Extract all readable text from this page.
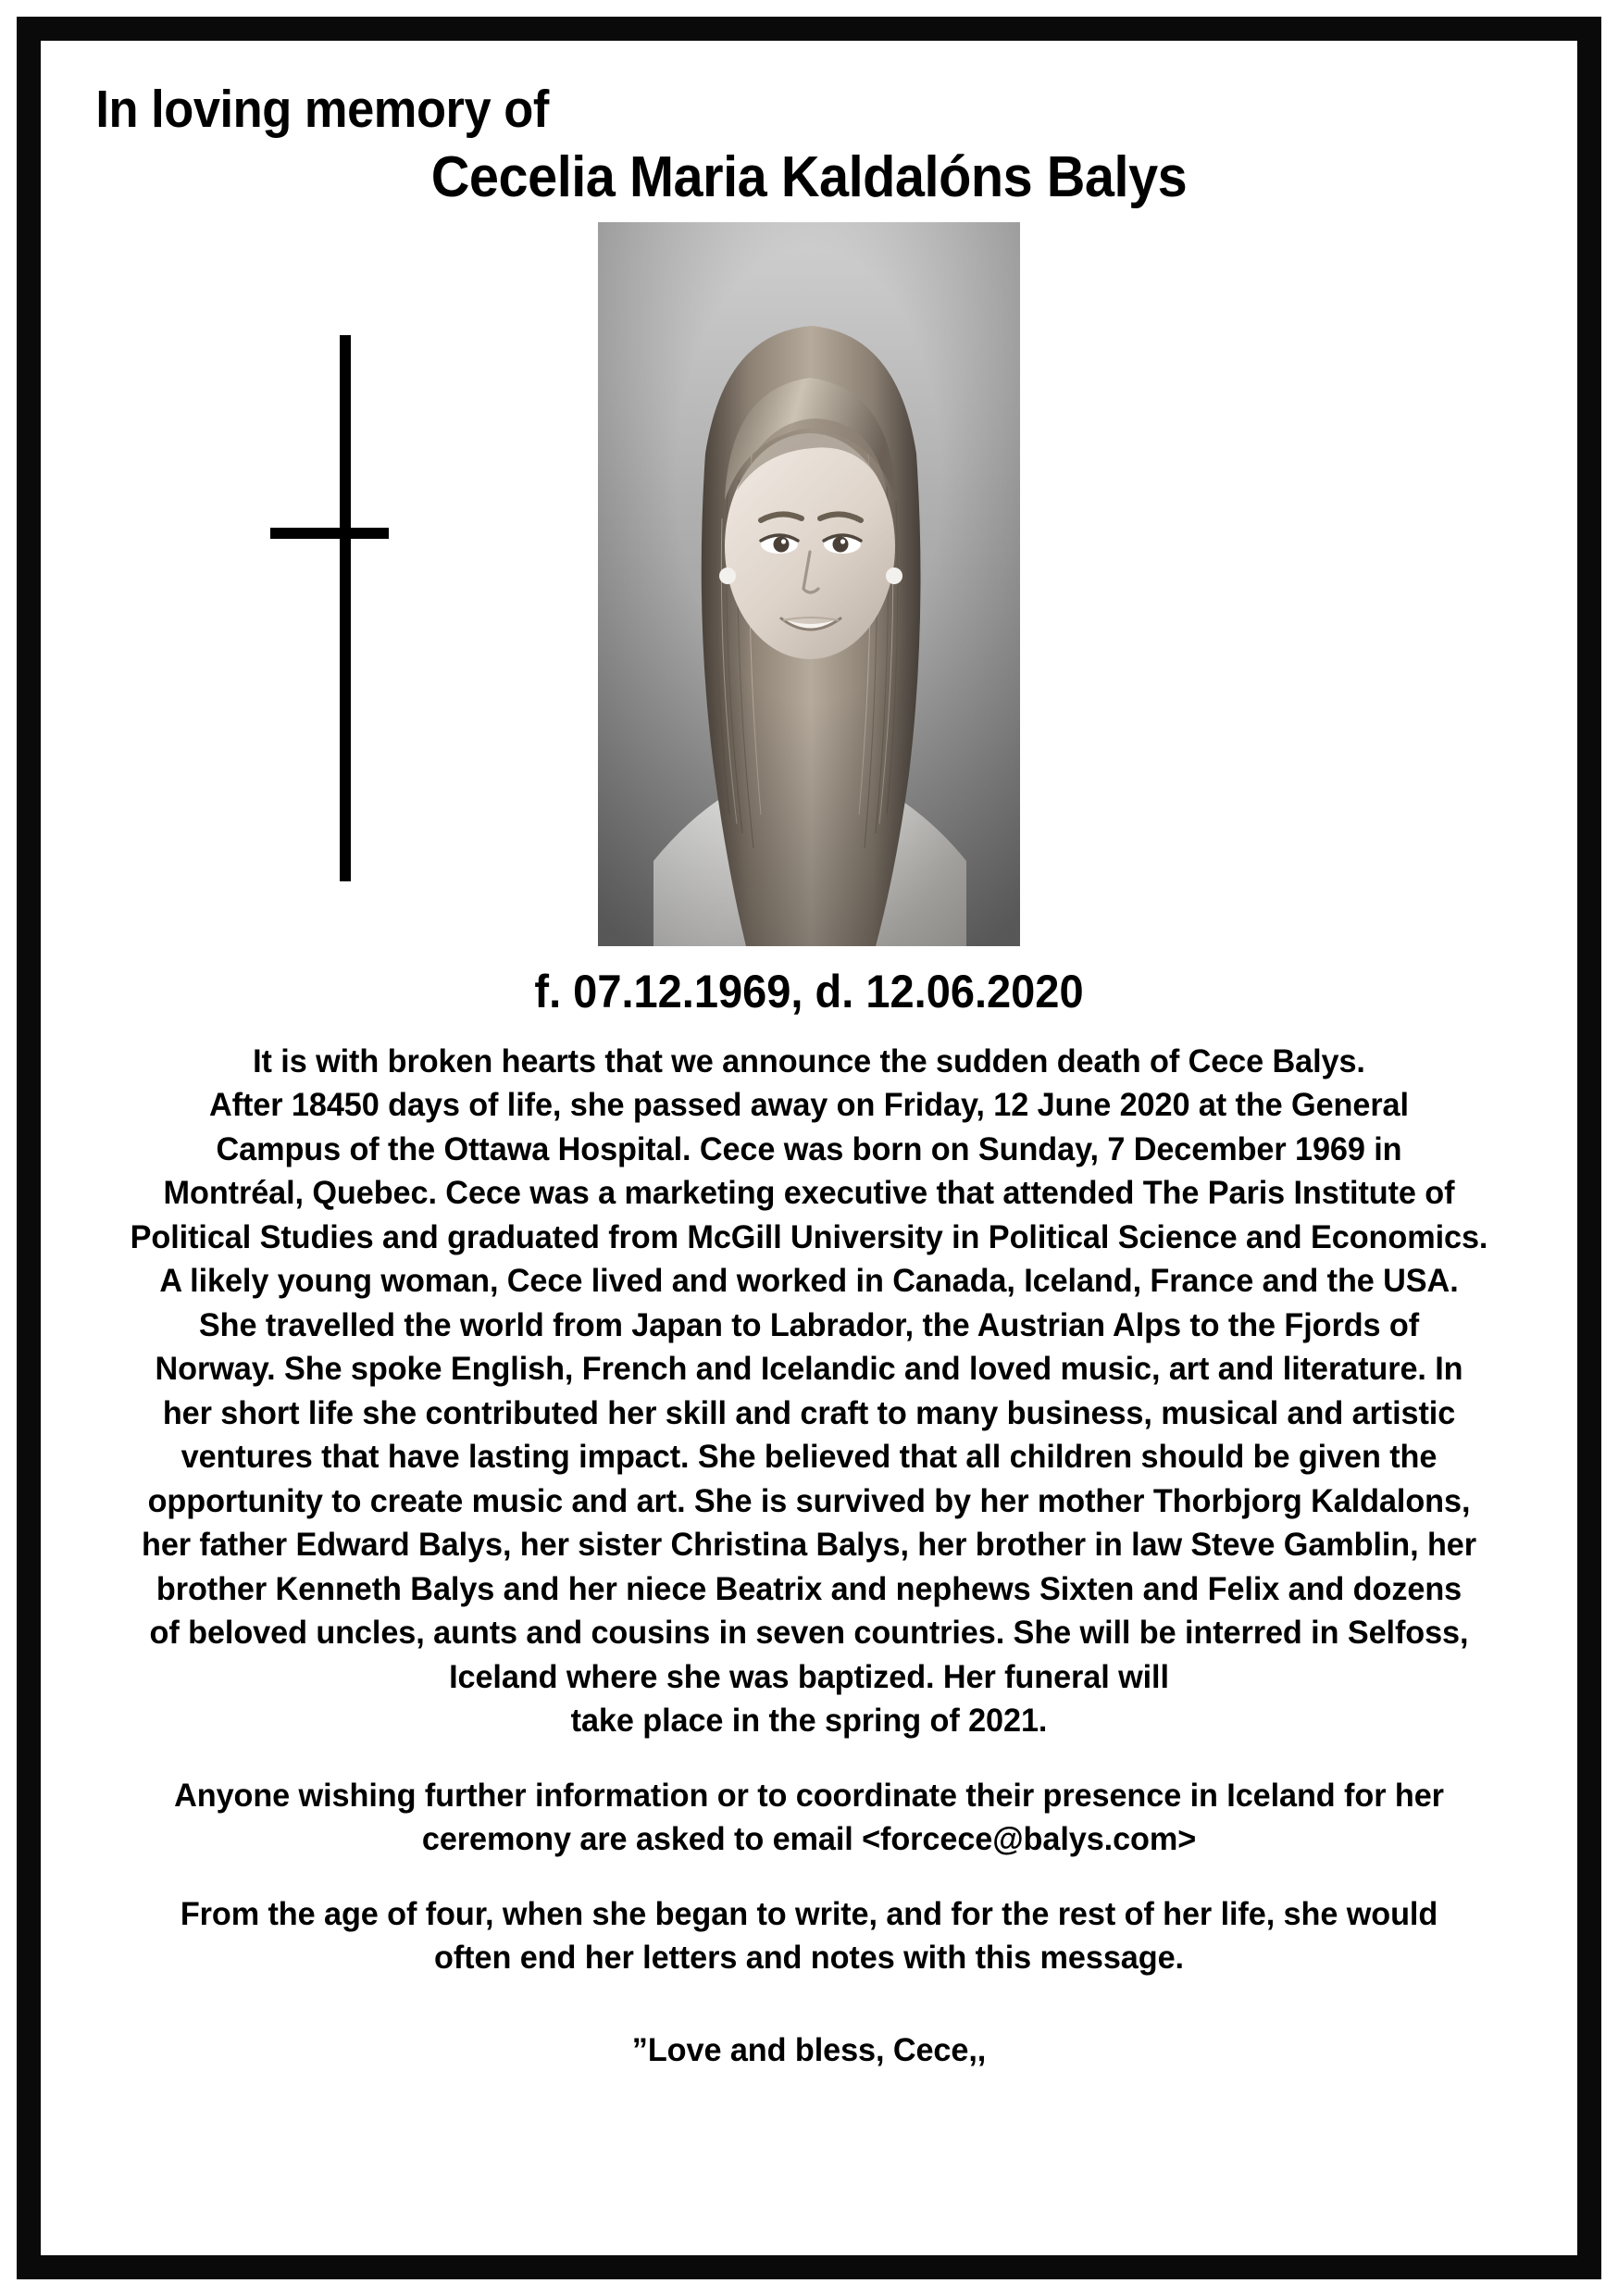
In loving memory of
Cecelia Maria Kaldalóns Balys
f. 07.12.1969, d. 12.06.2020
It is with broken hearts that we announce the sudden death of Cece Balys.
After 18450 days of life, she passed away on Friday, 12 June 2020 at the General
Campus of the Ottawa Hospital. Cece was born on Sunday, 7 December 1969 in
Montréal, Quebec. Cece was a marketing executive that attended The Paris Institute of
Political Studies and graduated from McGill University in Political Science and Economics.
A likely young woman, Cece lived and worked in Canada, Iceland, France and the USA.
She travelled the world from Japan to Labrador, the Austrian Alps to the Fjords of
Norway. She spoke English, French and Icelandic and loved music, art and literature. In
her short life she contributed her skill and craft to many business, musical and artistic
ventures that have lasting impact. She believed that all children should be given the
opportunity to create music and art. She is survived by her mother Thorbjorg Kaldalons,
her father Edward Balys, her sister Christina Balys, her brother in law Steve Gamblin, her
brother Kenneth Balys and her niece Beatrix and nephews Sixten and Felix and dozens
of beloved uncles, aunts and cousins in seven countries. She will be interred in Selfoss,
Iceland where she was baptized. Her funeral will
take place in the spring of 2021.
Anyone wishing further information or to coordinate their presence in Iceland for her
ceremony are asked to email <forcece@balys.com>
From the age of four, when she began to write, and for the rest of her life, she would
often end her letters and notes with this message.
”Love and bless, Cece,,
